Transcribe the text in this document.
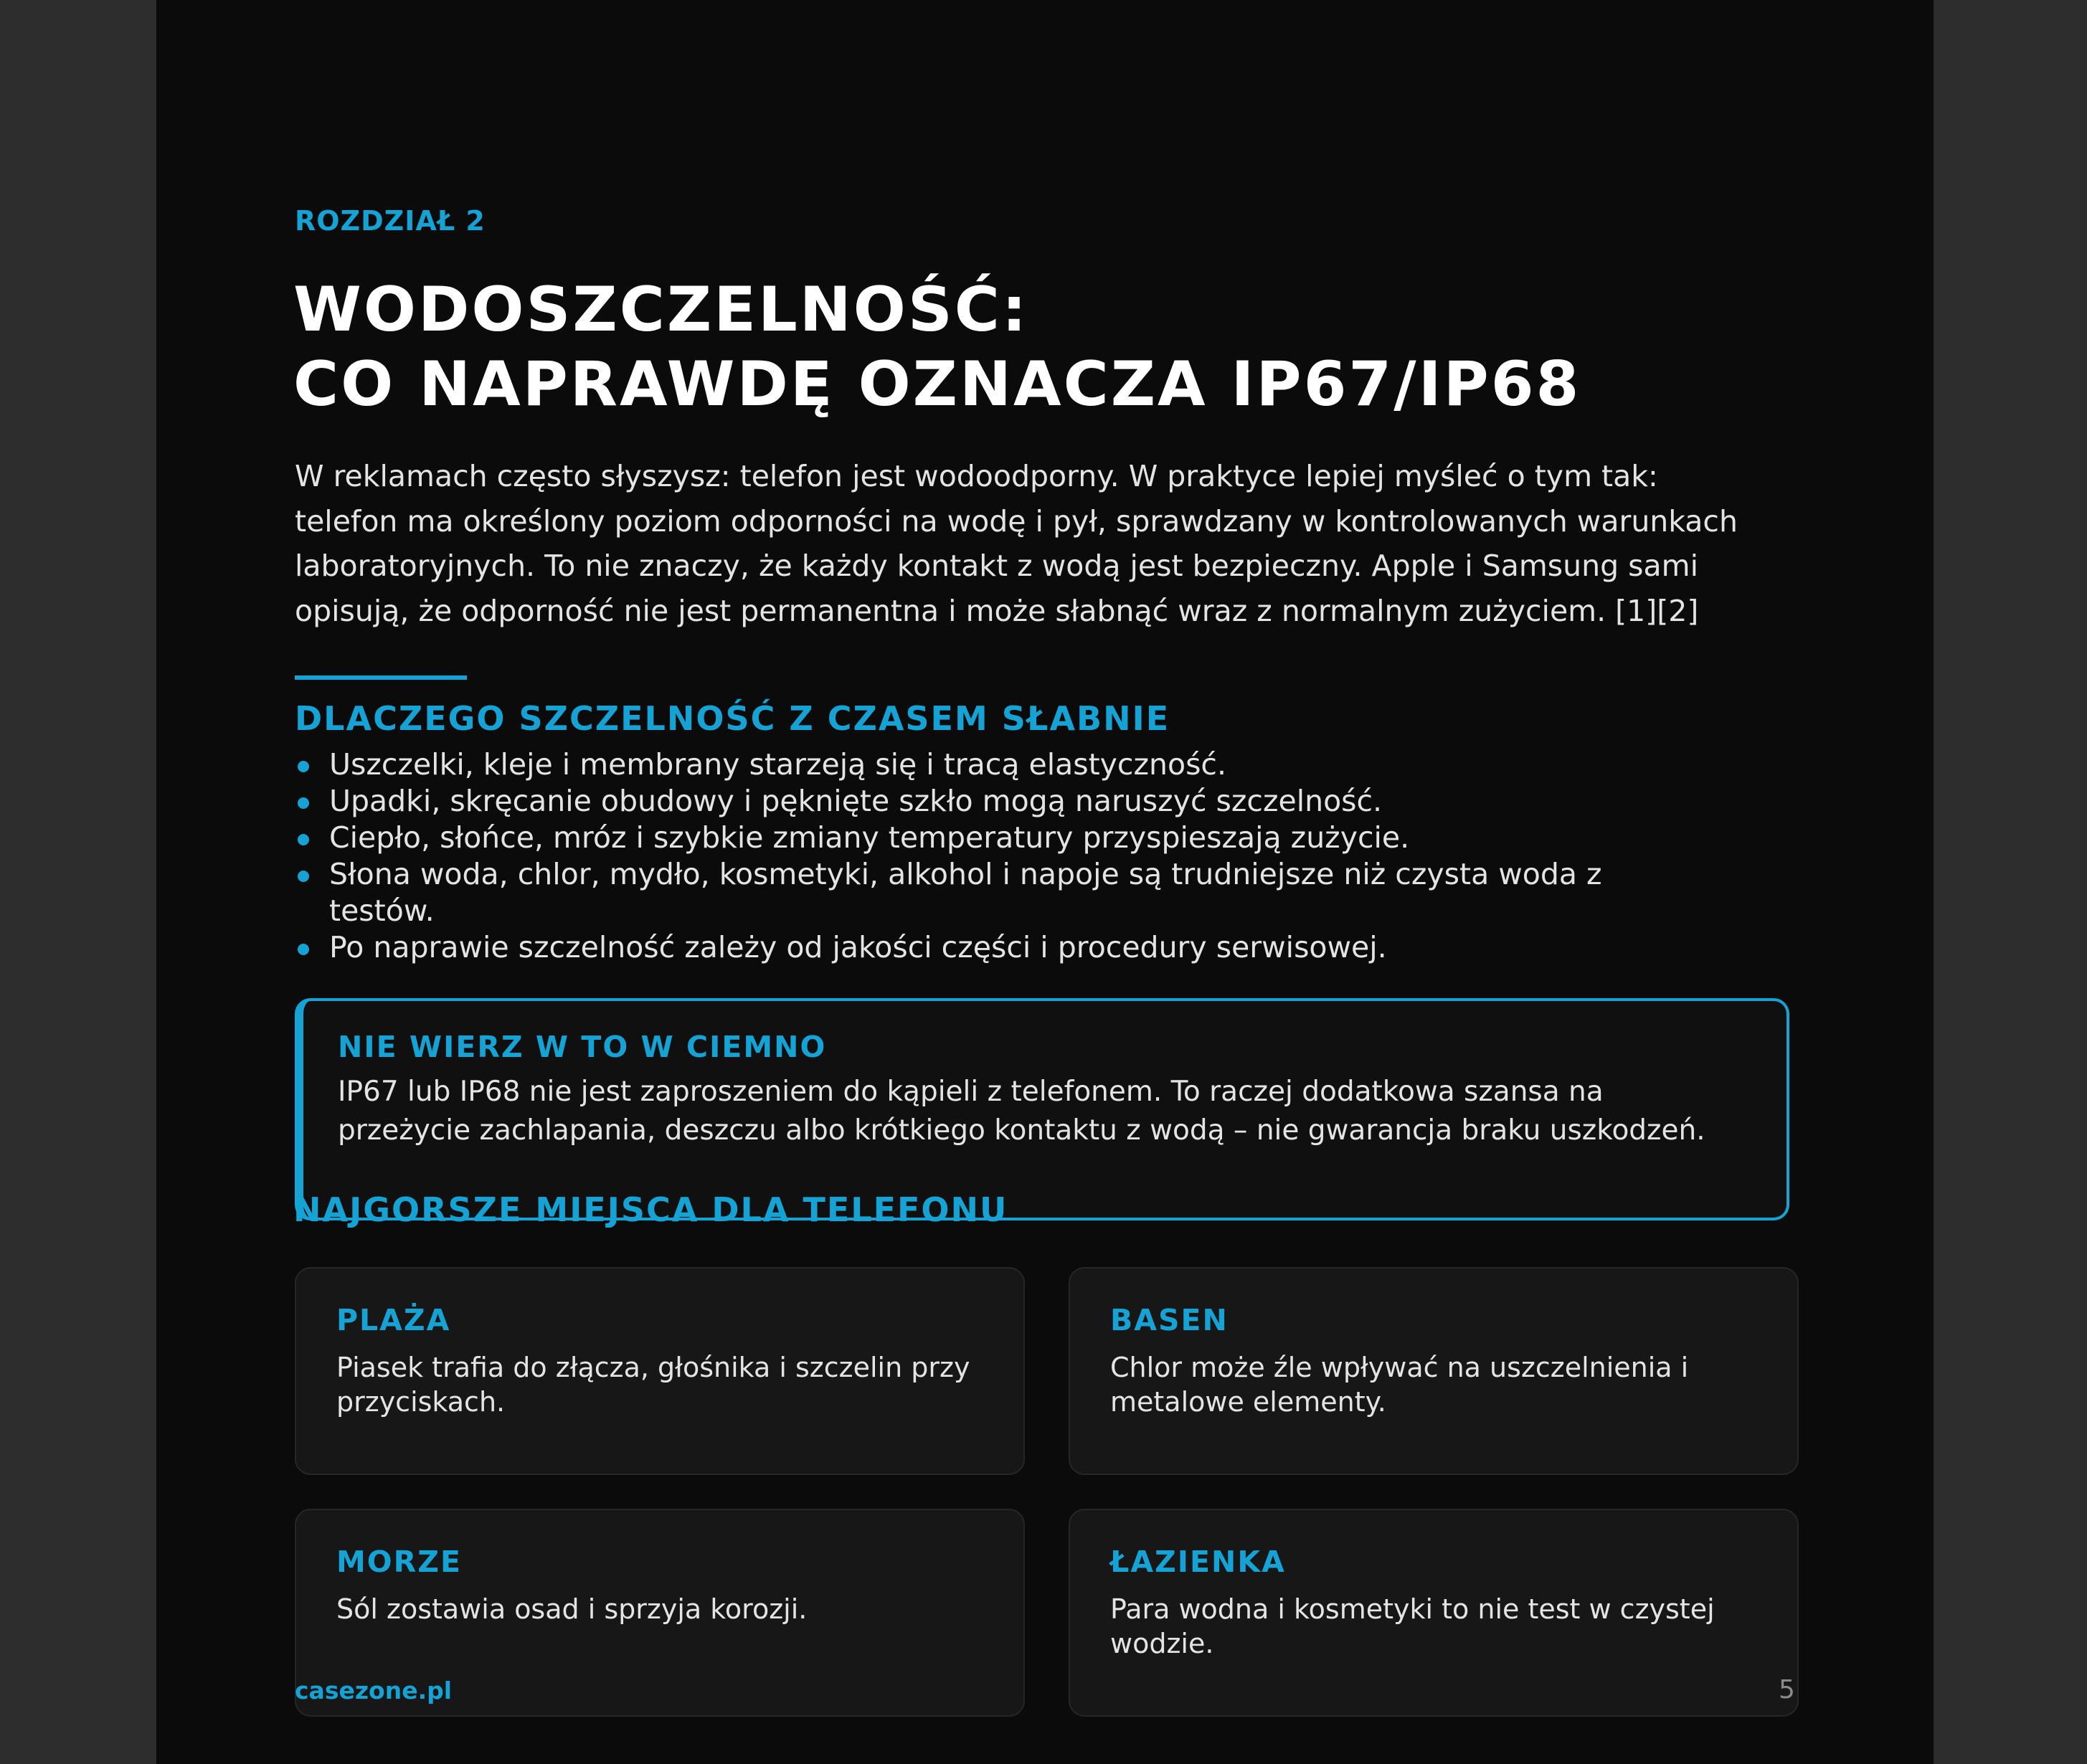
ROZDZIAŁ 2

WODOSZCZELNOŚĆ:
CO NAPRAWDĘ OZNACZA IP67/IP68

W reklamach często słyszysz: telefon jest wodoodporny. W praktyce lepiej myśleć o tym tak:
telefon ma określony poziom odporności na wodę i pył, sprawdzany w kontrolowanych warunkach
laboratoryjnych. To nie znaczy, że każdy kontakt z wodą jest bezpieczny. Apple i Samsung sami
opisują, że odporność nie jest permanentna i może słabnąć wraz z normalnym zużyciem. [1][2]

DLACZEGO SZCZELNOŚĆ Z CZASEM SŁABNIE
Uszczelki, kleje i membrany starzeją się i tracą elastyczność.
Upadki, skręcanie obudowy i pęknięte szkło mogą naruszyć szczelność.
Ciepło, słońce, mróz i szybkie zmiany temperatury przyspieszają zużycie.
Słona woda, chlor, mydło, kosmetyki, alkohol i napoje są trudniejsze niż czysta woda z
testów.
Po naprawie szczelność zależy od jakości części i procedury serwisowej.
NIE WIERZ W TO W CIEMNO

IP67 lub IP68 nie jest zaproszeniem do kąpieli z telefonem. To raczej dodatkowa szansa na
przeżycie zachlapania, deszczu albo krótkiego kontaktu z wodą – nie gwarancja braku uszkodzeń.

NAJGORSZE MIEJSCA DLA TELEFONU
PLAŻA

Piasek trafia do złącza, głośnika i szczelin przy
przyciskach.

BASEN

Chlor może źle wpływać na uszczelnienia i
metalowe elementy.

MORZE

Sól zostawia osad i sprzyja korozji.

ŁAZIENKA

Para wodna i kosmetyki to nie test w czystej
wodzie.

casezone.pl	5
